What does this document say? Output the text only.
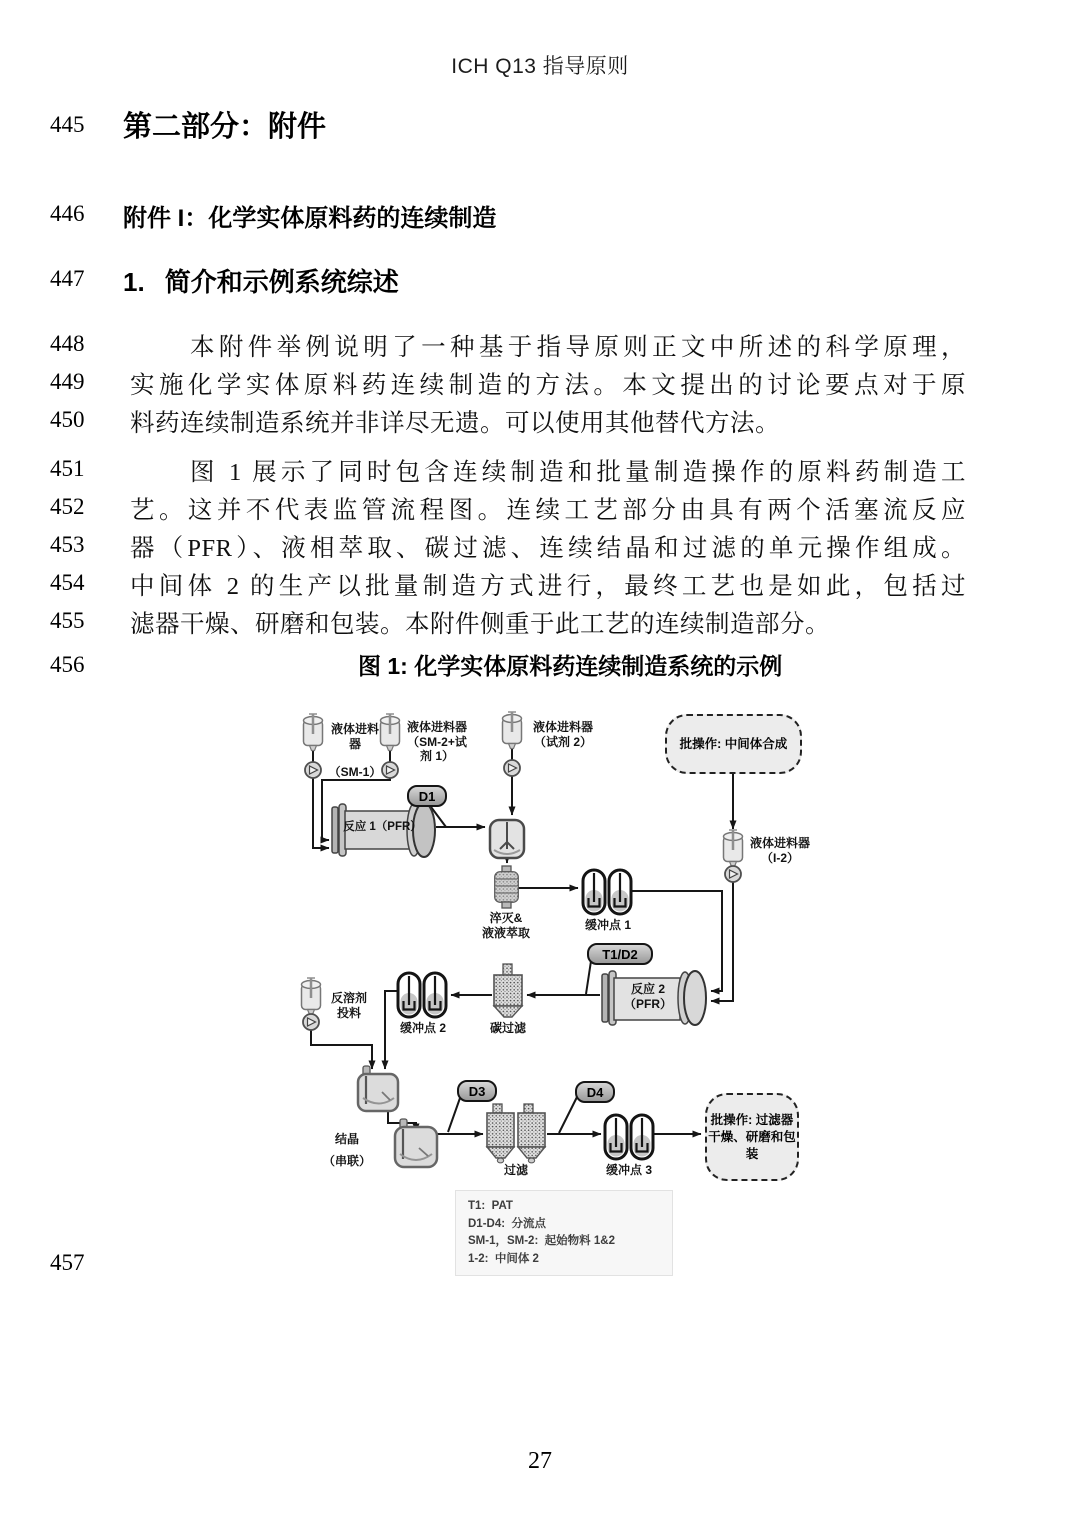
ICH Q13 指导原则
445
446
447
448
449
450
451
452
453
454
455
456
457
第二部分：附件
附件 I：化学实体原料药的连续制造
1. 简介和示例系统综述
本附件举例说明了一种基于指导原则正文中所述的科学原理，
实施化学实体原料药连续制造的方法。本文提出的讨论要点对于原
料药连续制造系统并非详尽无遗。可以使用其他替代方法。
图 1 展示了同时包含连续制造和批量制造操作的原料药制造工
艺。这并不代表监管流程图。连续工艺部分由具有两个活塞流反应
器（PFR）、液相萃取、碳过滤、连续结晶和过滤的单元操作组成。
中间体 2 的生产以批量制造方式进行，最终工艺也是如此，包括过
滤器干燥、研磨和包装。本附件侧重于此工艺的连续制造部分。
图 1: 化学实体原料药连续制造系统的示例
液体进料
器
（SM-1）
液体进料器
（SM-2+试
剂 1）
液体进料器
（试剂 2）
液体进料器
（I-2）
批操作: 中间体合成
D1
反应 1（PFR）
淬灭&
液液萃取
缓冲点 1
T1/D2
反应 2
（PFR）
碳过滤
缓冲点 2
反溶剂
投料
结晶
（串联）
D3	D4
过滤	缓冲点 3
批操作: 过滤器
干燥、研磨和包
装
T1:  PAT
D1-D4:  分流点
SM-1，SM-2:  起始物料 1&2
1-2:  中间体 2
27
